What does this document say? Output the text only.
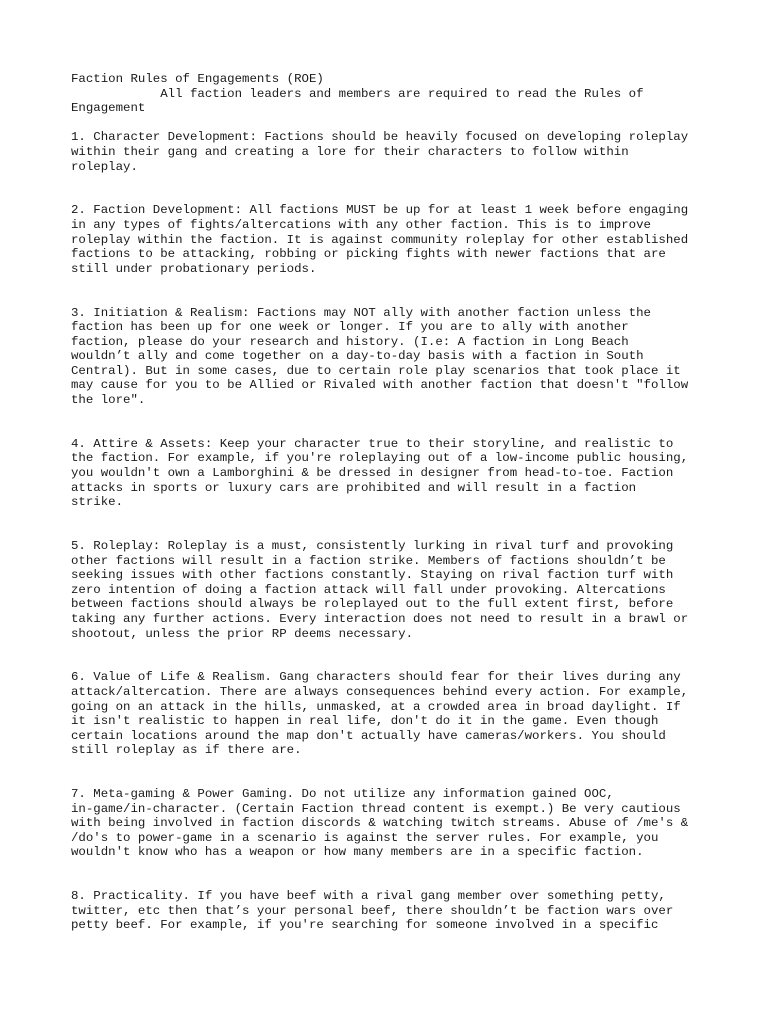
Faction Rules of Engagements (ROE)
All faction leaders and members are required to read the Rules of
Engagement
1. Character Development: Factions should be heavily focused on developing roleplay
within their gang and creating a lore for their characters to follow within
roleplay.
2. Faction Development: All factions MUST be up for at least 1 week before engaging
in any types of fights/altercations with any other faction. This is to improve
roleplay within the faction. It is against community roleplay for other established
factions to be attacking, robbing or picking fights with newer factions that are
still under probationary periods.
3. Initiation & Realism: Factions may NOT ally with another faction unless the
faction has been up for one week or longer. If you are to ally with another
faction, please do your research and history. (I.e: A faction in Long Beach
wouldn’t ally and come together on a day-to-day basis with a faction in South
Central). But in some cases, due to certain role play scenarios that took place it
may cause for you to be Allied or Rivaled with another faction that doesn't "follow
the lore".
4. Attire & Assets: Keep your character true to their storyline, and realistic to
the faction. For example, if you're roleplaying out of a low-income public housing,
you wouldn't own a Lamborghini & be dressed in designer from head-to-toe. Faction
attacks in sports or luxury cars are prohibited and will result in a faction
strike.
5. Roleplay: Roleplay is a must, consistently lurking in rival turf and provoking
other factions will result in a faction strike. Members of factions shouldn’t be
seeking issues with other factions constantly. Staying on rival faction turf with
zero intention of doing a faction attack will fall under provoking. Altercations
between factions should always be roleplayed out to the full extent first, before
taking any further actions. Every interaction does not need to result in a brawl or
shootout, unless the prior RP deems necessary.
6. Value of Life & Realism. Gang characters should fear for their lives during any
attack/altercation. There are always consequences behind every action. For example,
going on an attack in the hills, unmasked, at a crowded area in broad daylight. If
it isn't realistic to happen in real life, don't do it in the game. Even though
certain locations around the map don't actually have cameras/workers. You should
still roleplay as if there are.
7. Meta-gaming & Power Gaming. Do not utilize any information gained OOC,
in-game/in-character. (Certain Faction thread content is exempt.) Be very cautious
with being involved in faction discords & watching twitch streams. Abuse of /me's &
/do's to power-game in a scenario is against the server rules. For example, you
wouldn't know who has a weapon or how many members are in a specific faction.
8. Practicality. If you have beef with a rival gang member over something petty,
twitter, etc then that’s your personal beef, there shouldn’t be faction wars over
petty beef. For example, if you're searching for someone involved in a specific
